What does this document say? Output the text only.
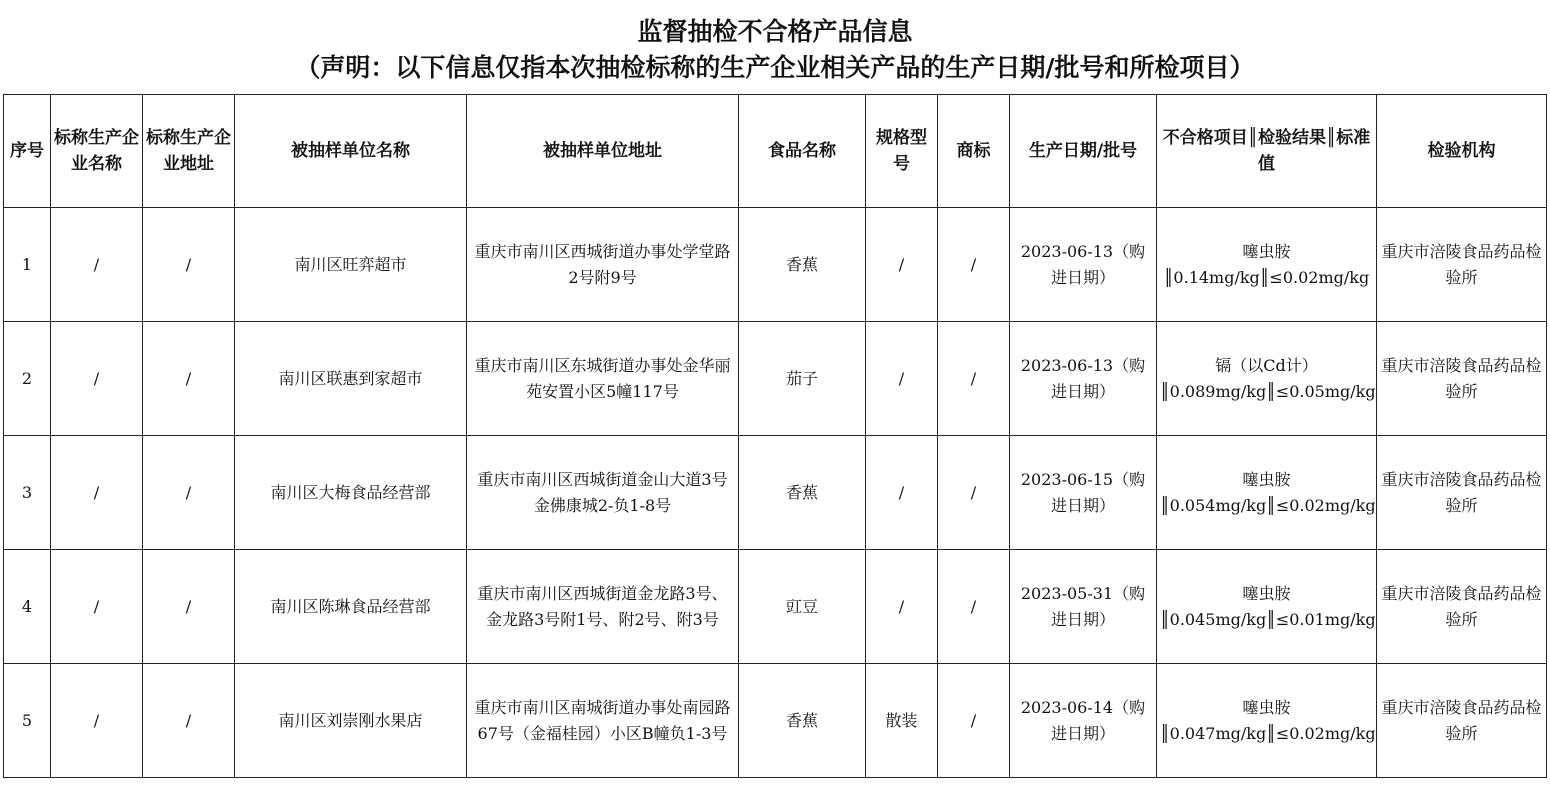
监督抽检不合格产品信息
（声明：以下信息仅指本次抽检标称的生产企业相关产品的生产日期/批号和所检项目）
序号	标称生产企业名称	标称生产企业地址	被抽样单位名称	被抽样单位地址	食品名称	规格型号	商标	生产日期/批号	不合格项目║检验结果║标准值	检验机构
1	/	/	南川区旺弈超市	重庆市南川区西城街道办事处学堂路2号附9号	香蕉	/	/	2023-06-13（购进日期）	噻虫胺║0.14mg/kg║≤0.02mg/kg	重庆市涪陵食品药品检验所
2	/	/	南川区联惠到家超市	重庆市南川区东城街道办事处金华丽苑安置小区5幢117号	茄子	/	/	2023-06-13（购进日期）	镉（以Cd计）║0.089mg/kg║≤0.05mg/kg	重庆市涪陵食品药品检验所
3	/	/	南川区大梅食品经营部	重庆市南川区西城街道金山大道3号金佛康城2-负1-8号	香蕉	/	/	2023-06-15（购进日期）	噻虫胺║0.054mg/kg║≤0.02mg/kg	重庆市涪陵食品药品检验所
4	/	/	南川区陈琳食品经营部	重庆市南川区西城街道金龙路3号、金龙路3号附1号、附2号、附3号	豇豆	/	/	2023-05-31（购进日期）	噻虫胺║0.045mg/kg║≤0.01mg/kg	重庆市涪陵食品药品检验所
5	/	/	南川区刘崇刚水果店	重庆市南川区南城街道办事处南园路67号（金福桂园）小区B幢负1-3号	香蕉	散装	/	2023-06-14（购进日期）	噻虫胺║0.047mg/kg║≤0.02mg/kg	重庆市涪陵食品药品检验所
